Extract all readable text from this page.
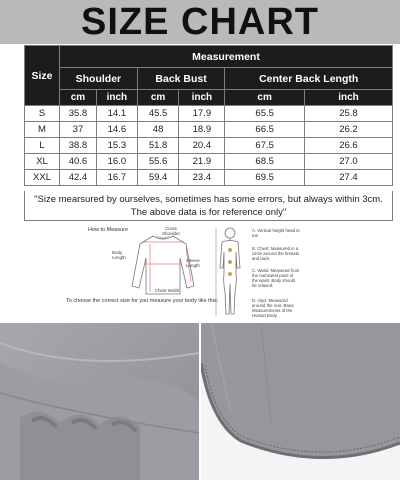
SIZE CHART
Size	Measurement					
	Shoulder		Back Bust		Center Back Length	
	cm	inch	cm	inch	cm	inch
S	35.8	14.1	45.5	17.9	65.5	25.8
M	37	14.6	48	18.9	66.5	26.2
L	38.8	15.3	51.8	20.4	67.5	26.6
XL	40.6	16.0	55.6	21.9	68.5	27.0
XXL	42.4	16.7	59.4	23.4	69.5	27.4
"Size mearsured by ourselves, sometimes has some errors, but always within 3cm.
The above data is for reference only"
How to Measure	Cross Shoulder
Body Length
Sleeve Length
Chest Width
A. Vertical height head to toe
B. Chest: Measured in a circle around the breasts and back
C. Waist: Measured from the narrowest point of the waist. Body should be relaxed.
D. Hips: Measured around the rear. Basic Measurements of the Human Body
To choose the correct size for you measure your body like this:
